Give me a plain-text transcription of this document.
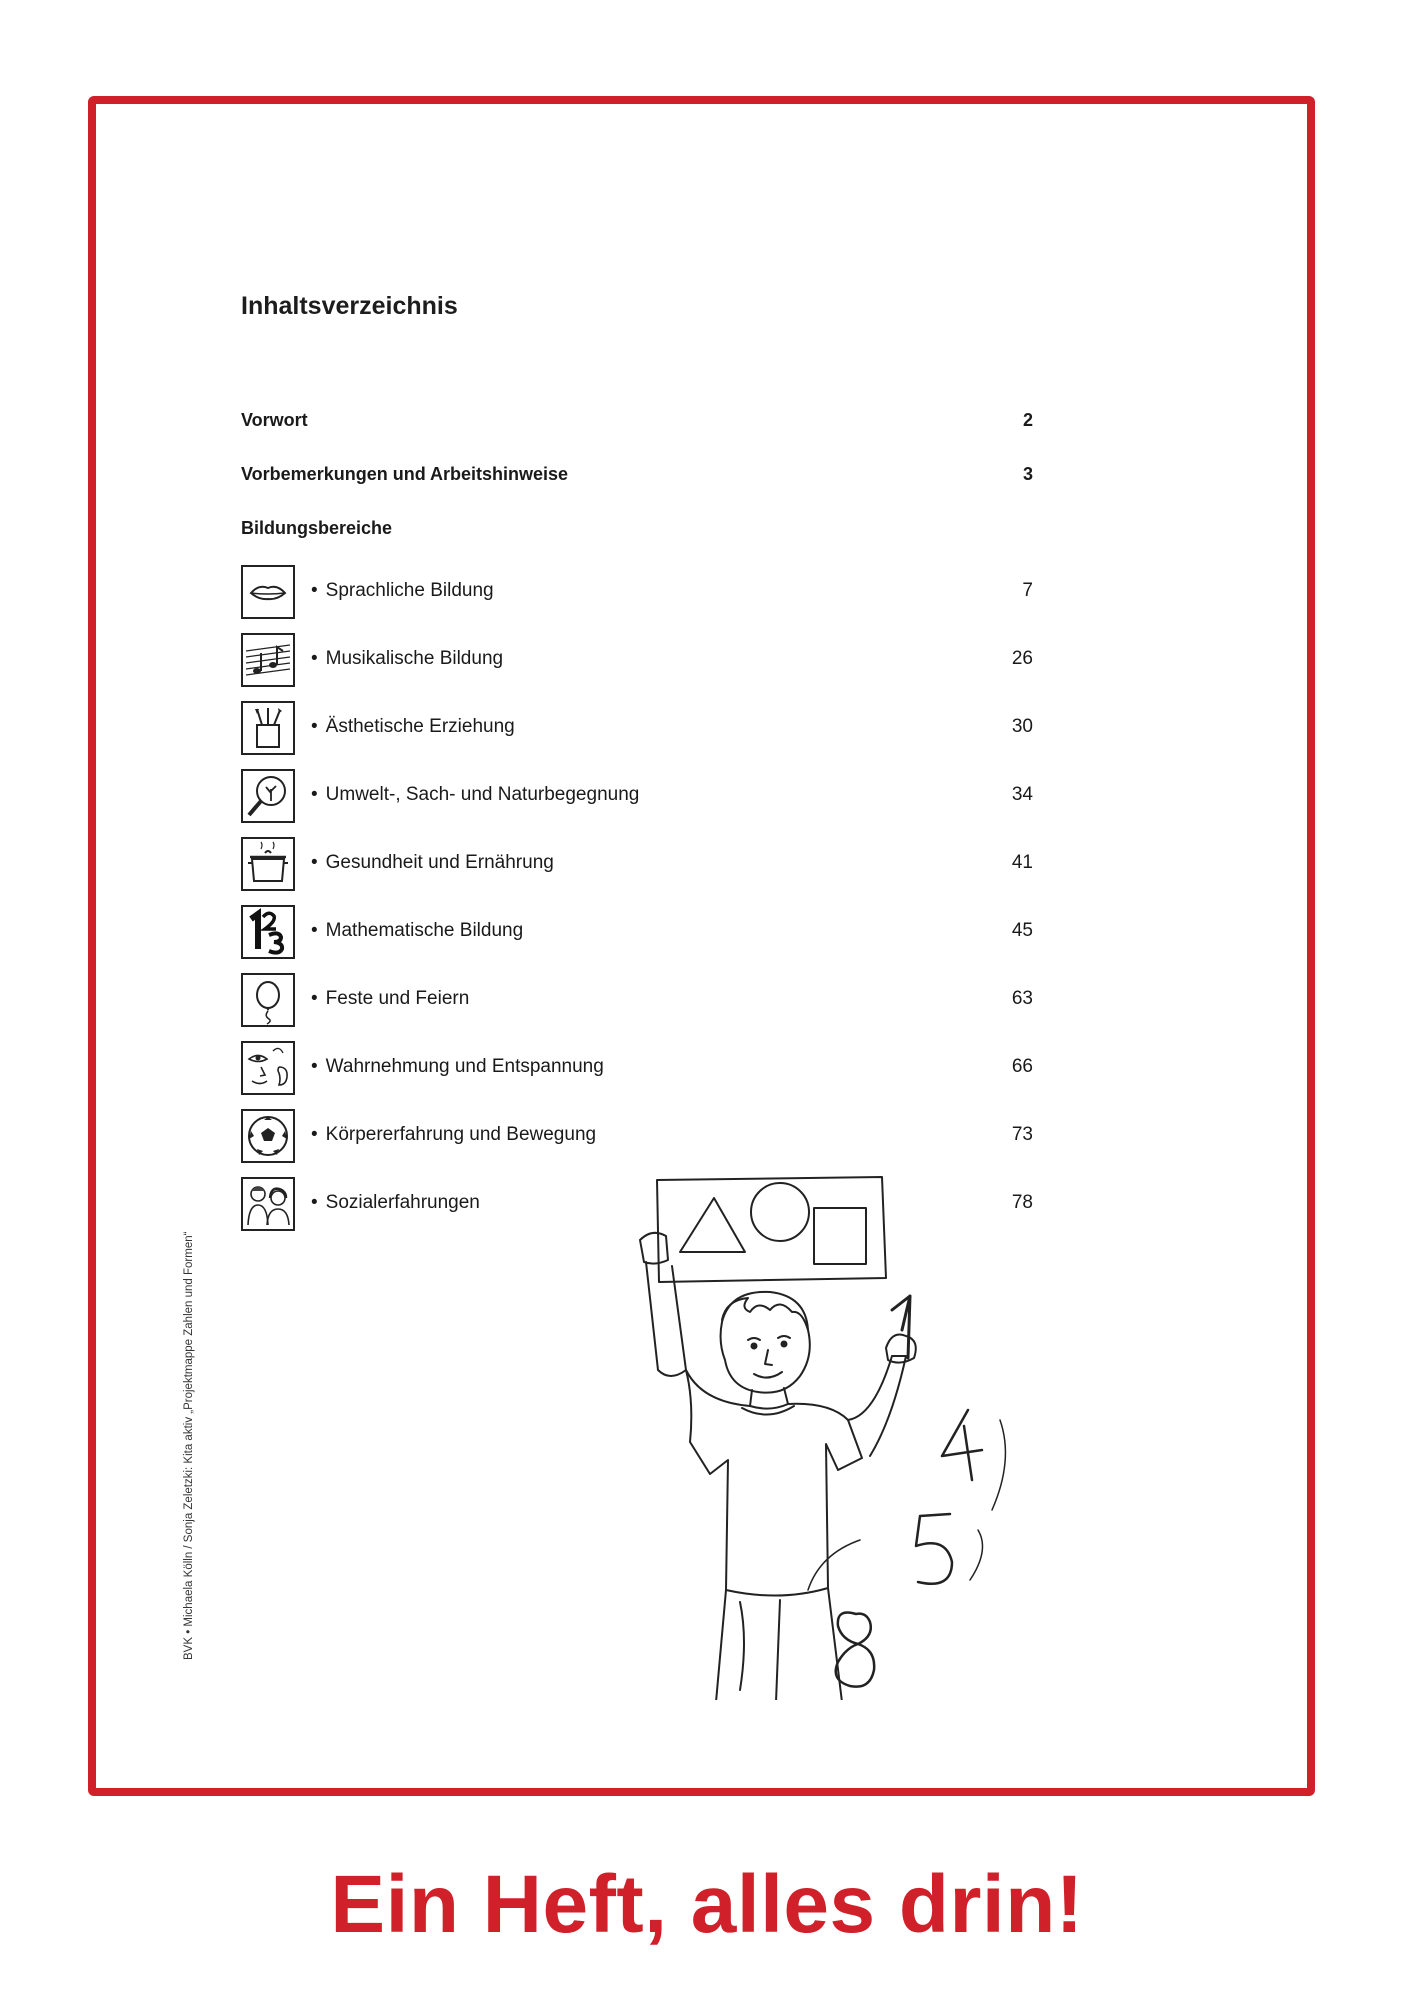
Inhaltsverzeichnis
Vorwort	2
Vorbemerkungen und Arbeitshinweise	3
Bildungsbereiche
• Sprachliche Bildung	7
• Musikalische Bildung	26
• Ästhetische Erziehung	30
• Umwelt-, Sach- und Naturbegegnung	34
• Gesundheit und Ernährung	41
• Mathematische Bildung	45
• Feste und Feiern	63
• Wahrnehmung und Entspannung	66
• Körpererfahrung und Bewegung	73
• Sozialerfahrungen	78
BVK • Michaela Kölln / Sonja Zeletzki: Kita aktiv „Projektmappe Zahlen und Formen“
Ein Heft, alles drin!
